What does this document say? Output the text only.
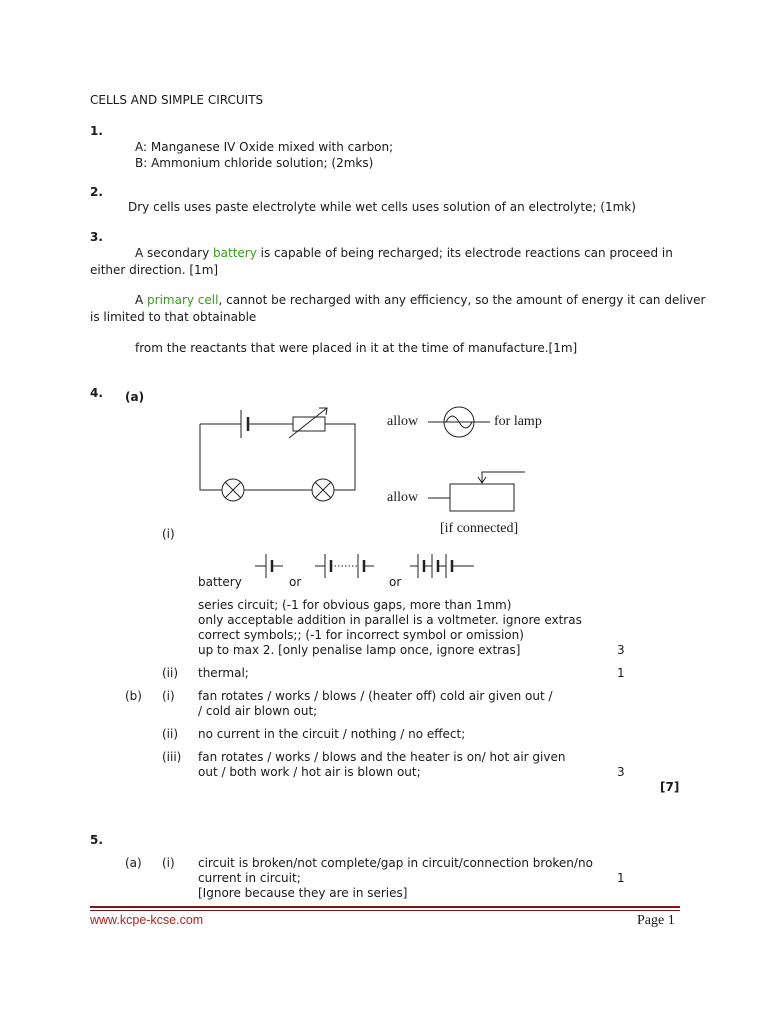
CELLS AND SIMPLE CIRCUITS
1.
A: Manganese IV Oxide mixed with carbon;
B: Ammonium chloride solution; (2mks)
2.
Dry cells uses paste electrolyte while wet cells uses solution of an electrolyte; (1mk)
3.
A secondary battery is capable of being recharged; its electrode reactions can proceed in
either direction. [1m]
A primary cell, cannot be recharged with any efficiency, so the amount of energy it can deliver
is limited to that obtainable
from the reactants that were placed in it at the time of manufacture.[1m]
4. (a)
allow	for lamp
allow
[if connected]
(i)
battery	or	or
series circuit; (-1 for obvious gaps, more than 1mm)
only acceptable addition in parallel is a voltmeter. ignore extras
correct symbols;; (-1 for incorrect symbol or omission)
up to max 2. [only penalise lamp once, ignore extras]	3
(ii) thermal;	1
(b) (i) fan rotates / works / blows / (heater off) cold air given out /
/ cold air blown out;
(ii) no current in the circuit / nothing / no effect;
(iii) fan rotates / works / blows and the heater is on/ hot air given
out / both work / hot air is blown out;	3
[7]
5.
(a) (i) circuit is broken/not complete/gap in circuit/connection broken/no
current in circuit;	1
[Ignore because they are in series]
www.kcpe-kcse.com	Page 1
